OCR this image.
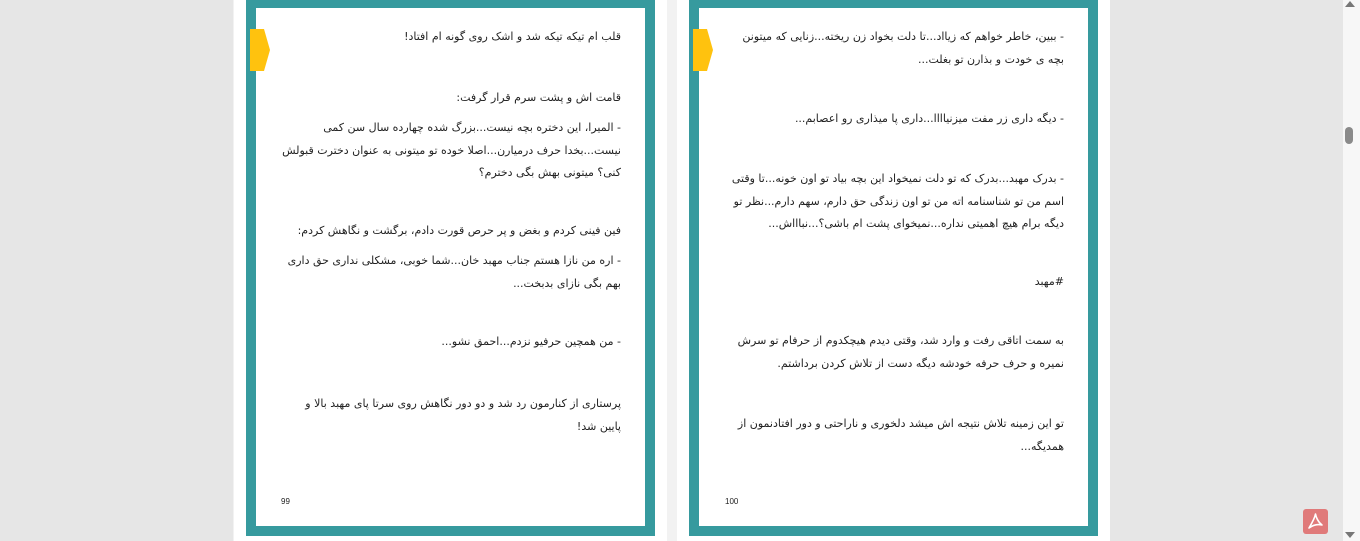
قلب ام تیکه تیکه شد و اشک روی گونه ام افتاد!

قامت اش و پشت سرم قرار گرفت:

- المیرا، این دختره بچه نیست...بزرگ شده چهارده سال سن کمی نیست...بخدا حرف درمیارن...اصلا خوده تو میتونی به عنوان دخترت قبولش کنی؟ میتونی بهش بگی دخترم؟

فین فینی کردم و بغض و پر حرص قورت دادم، برگشت و نگاهش کردم:

- اره من نازا هستم جناب مهبد خان...شما خوبی، مشکلی نداری حق داری بهم بگی نازای بدبخت...

- من همچین حرفیو نزدم...احمق نشو...

پرستاری از کنارمون رد شد و دو دور نگاهش روی سرتا پای مهبد بالا و پایین شد!

99

- ببین، خاطر خواهم که زیااد...تا دلت بخواد زن ریخته...زنایی که میتونن بچه ی خودت و بذارن تو بغلت...

- دیگه داری زر مفت میزنیاااا...داری پا میذاری رو اعصابم...

- بدرک مهبد...بدرک که تو دلت نمیخواد این بچه بیاد تو اون خونه...تا وقتی اسم من تو شناسنامه اته من تو اون زندگی حق دارم، سهم دارم...نظر تو دیگه برام هیچ اهمیتی نداره...نمیخوای پشت ام باشی؟...نباااش...

#مهبد

به سمت اتاقی رفت و وارد شد، وقتی دیدم هیچکدوم از حرفام تو سرش نمیره و حرف حرفه خودشه دیگه دست از تلاش کردن برداشتم.

تو این زمینه تلاش نتیجه اش میشد دلخوری و ناراحتی و دور افتادنمون از همدیگه...

100
